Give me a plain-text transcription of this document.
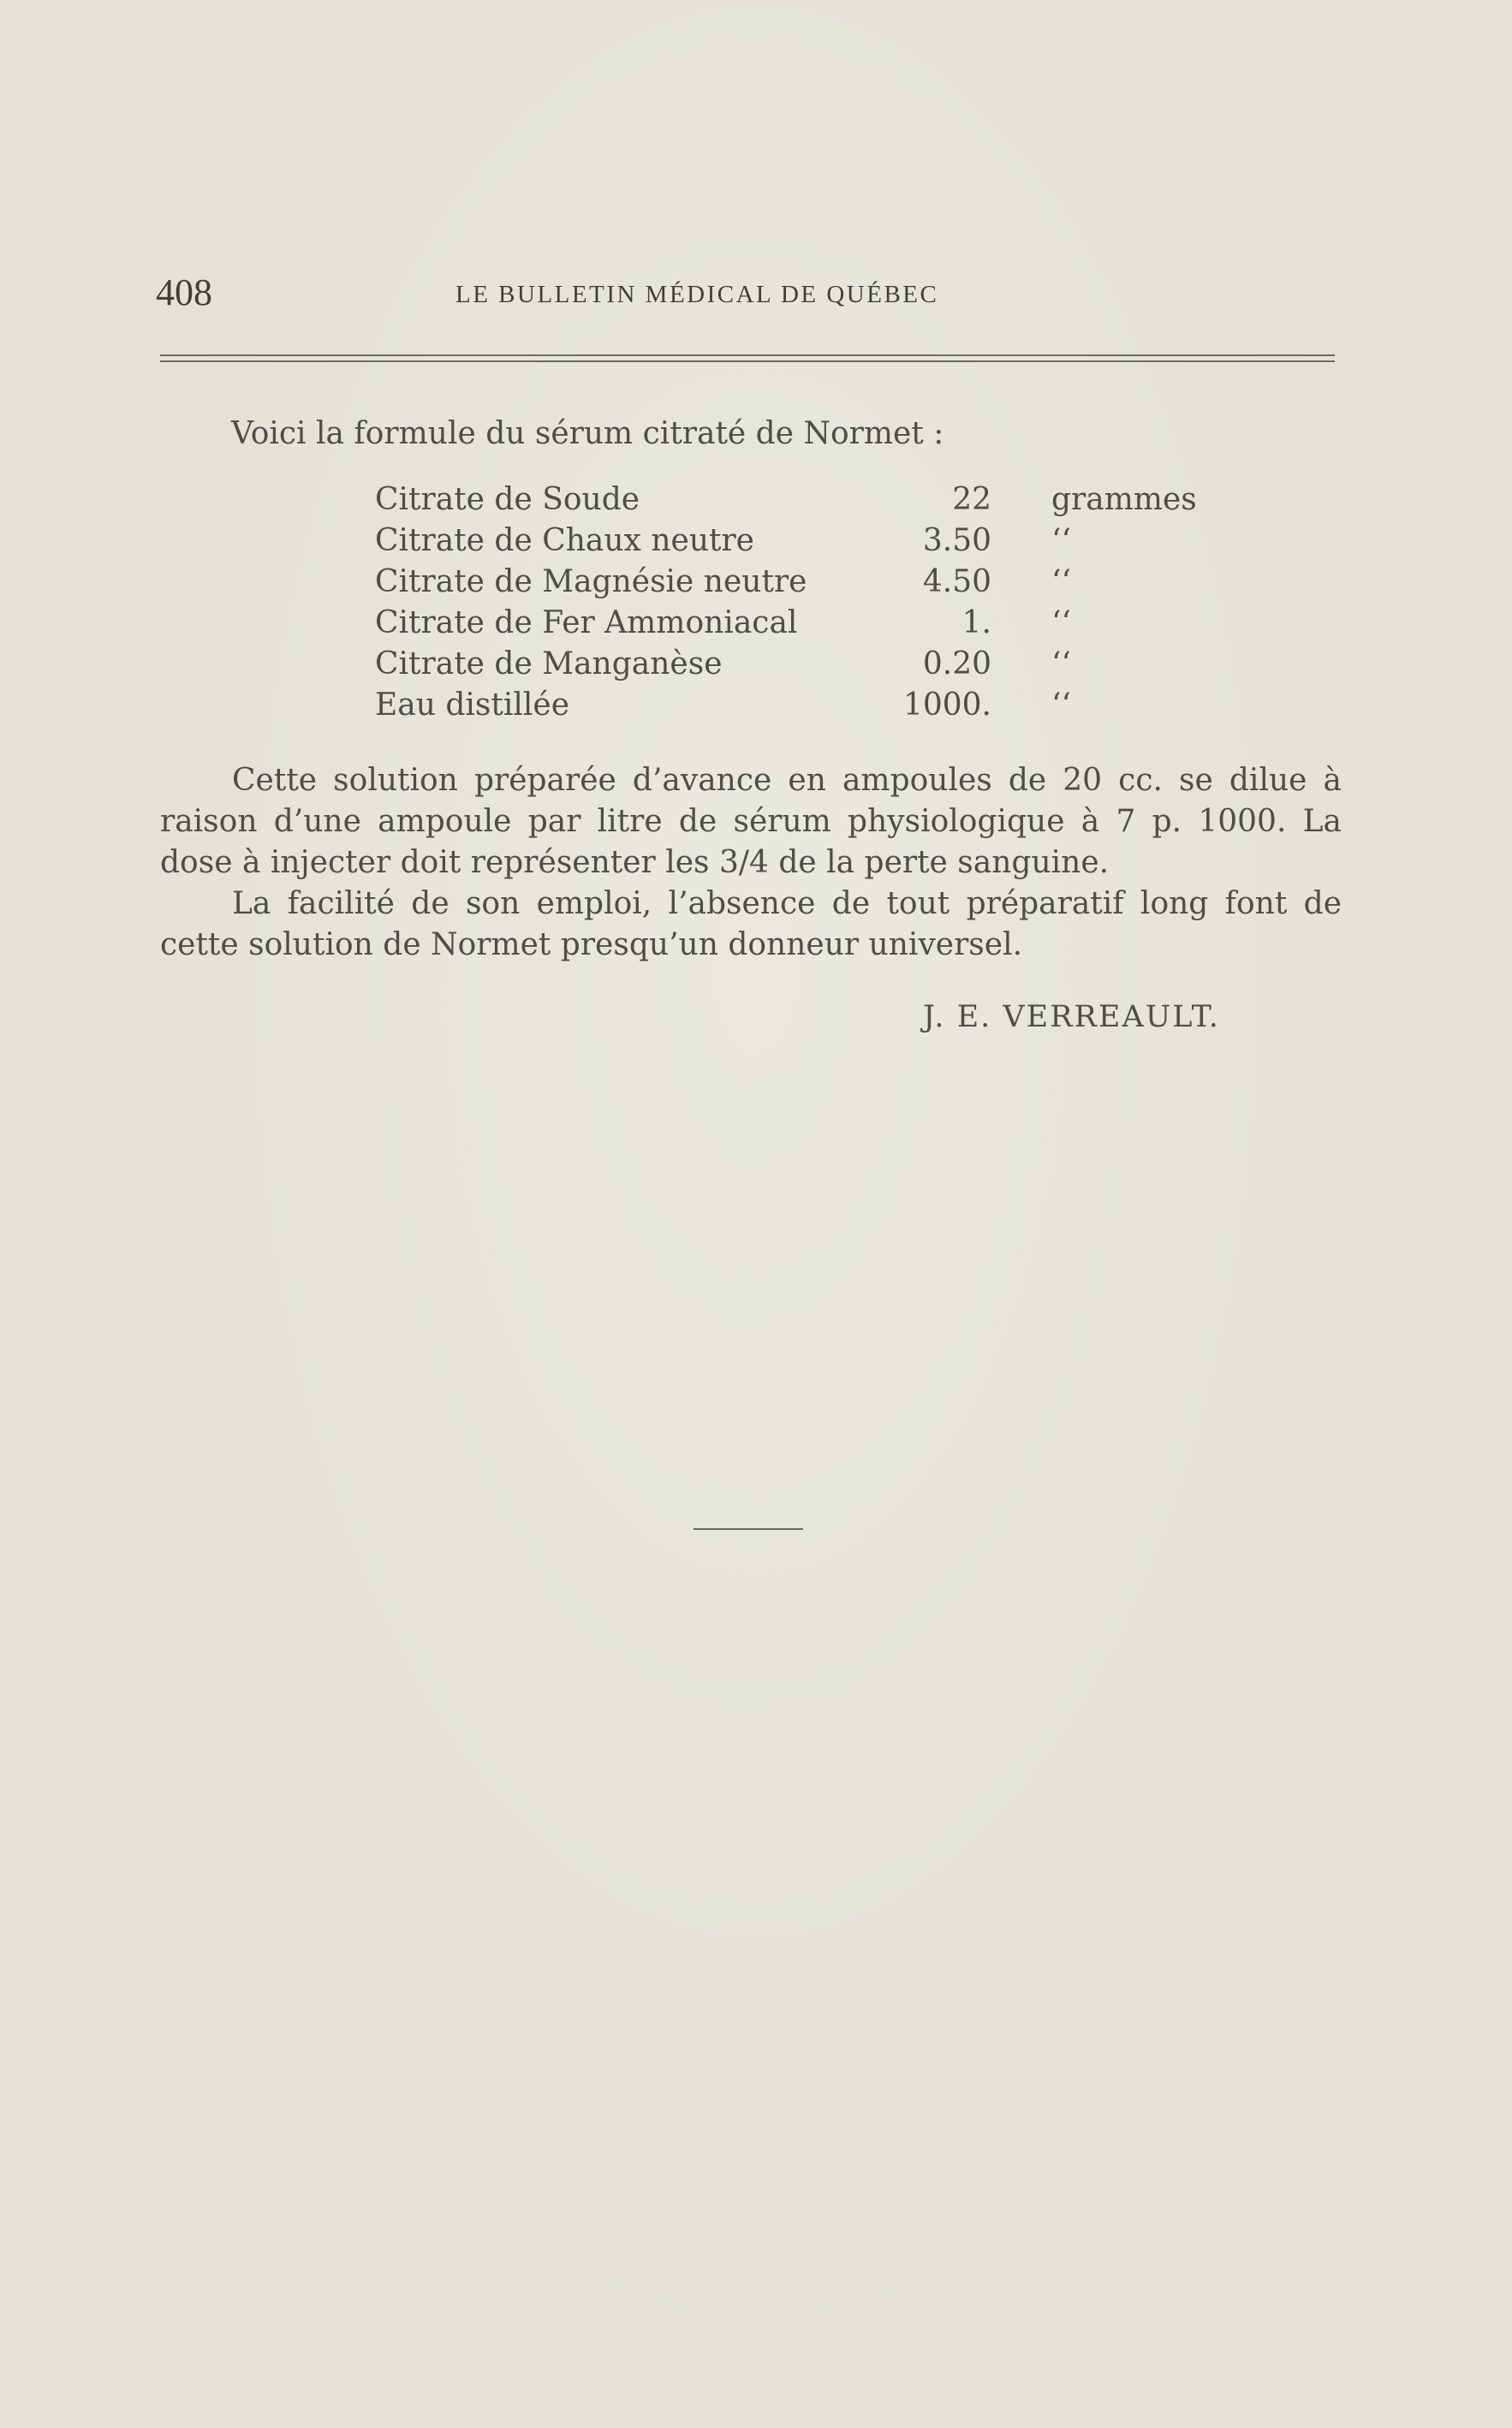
408	LE BULLETIN MÉDICAL DE QUÉBEC
Voici la formule du sérum citraté de Normet :
Citrate de Soude	22 grammes
Citrate de Chaux neutre	3.50 ‘‘
Citrate de Magnésie neutre	4.50 ‘‘
Citrate de Fer Ammoniacal	1. ‘‘
Citrate de Manganèse	0.20 ‘‘
Eau distillée	1000. ‘‘
Cette solution préparée d’avance en ampoules de 20 cc. se dilue à raison d’une ampoule par litre de sérum physiologique à 7 p. 1000. La dose à injecter doit représenter les 3/4 de la perte sanguine.
La facilité de son emploi, l’absence de tout préparatif long font de cette solution de Normet presqu’un donneur universel.
J. E. VERREAULT.
